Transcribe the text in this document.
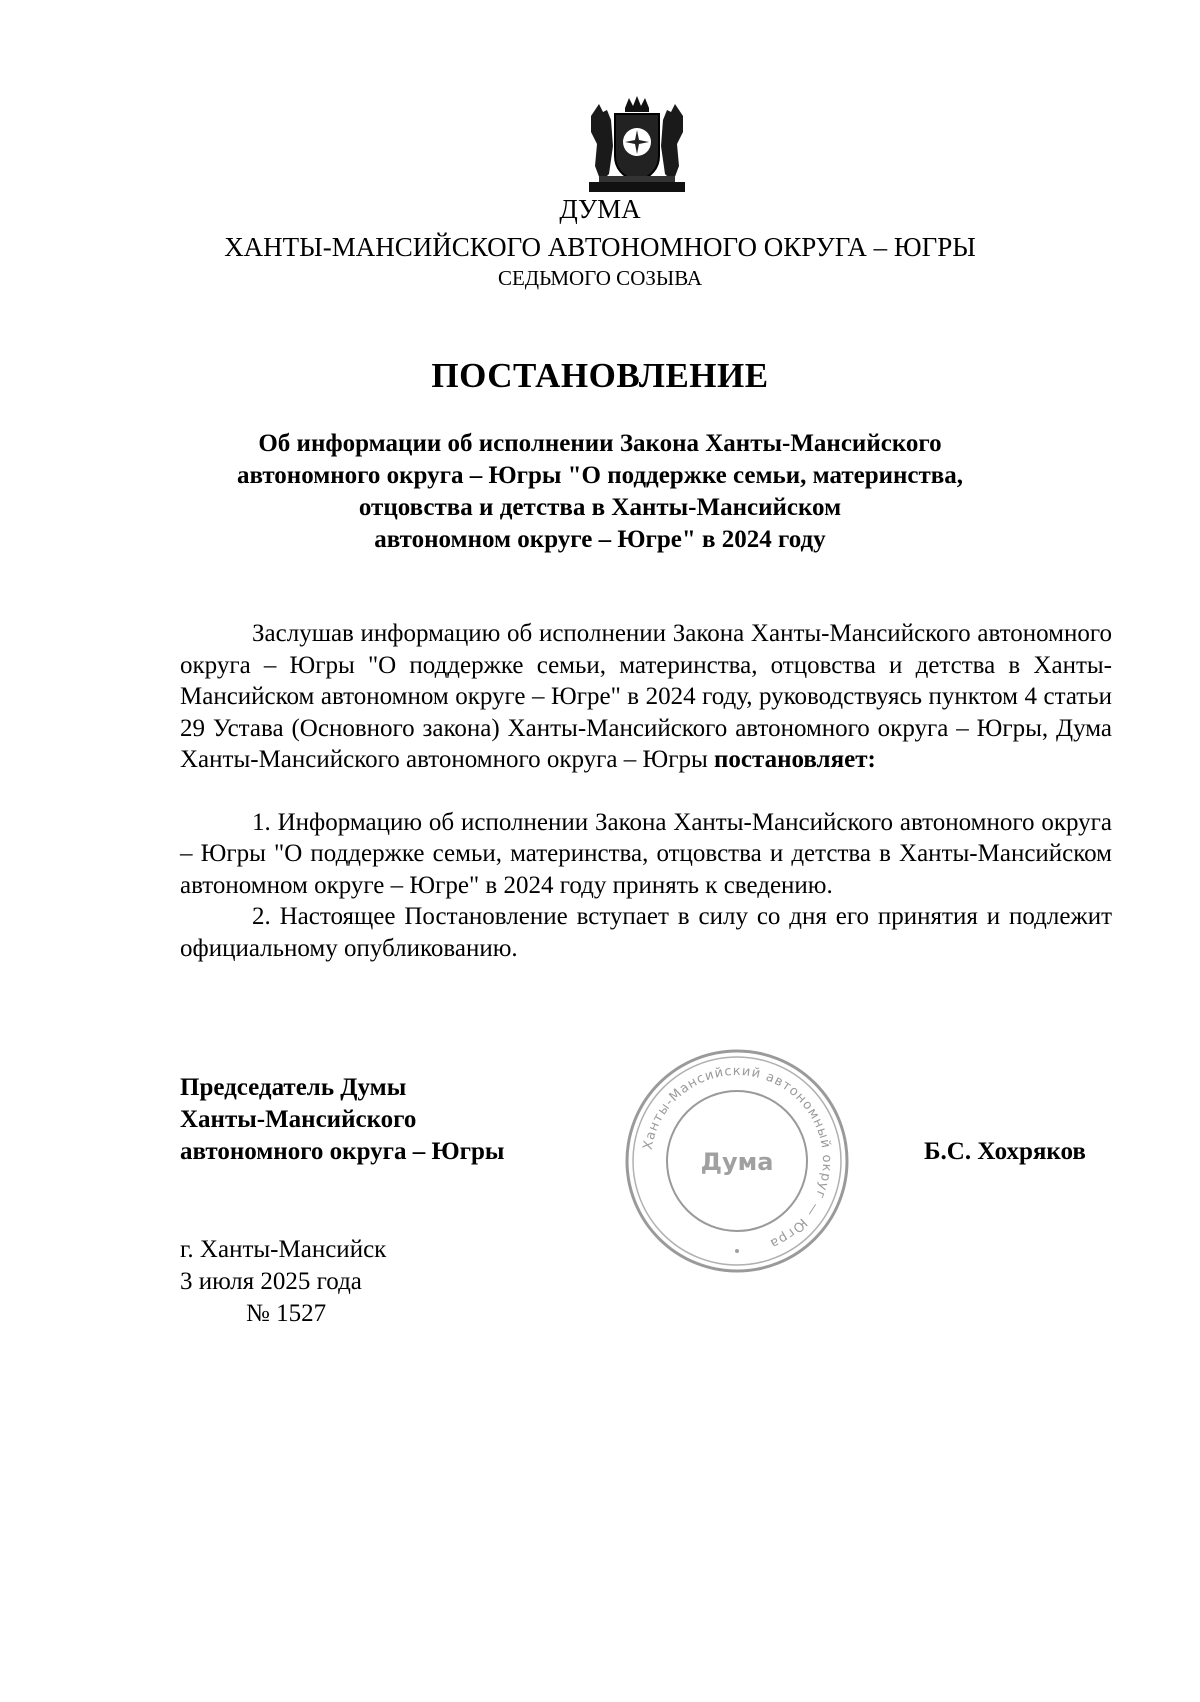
ДУМА
ХАНТЫ-МАНСИЙСКОГО АВТОНОМНОГО ОКРУГА – ЮГРЫ
СЕДЬМОГО СОЗЫВА
ПОСТАНОВЛЕНИЕ
Об информации об исполнении Закона Ханты-Мансийского
автономного округа – Югры "О поддержке семьи, материнства,
отцовства и детства в Ханты-Мансийском
автономном округе – Югре" в 2024 году

Заслушав информацию об исполнении Закона Ханты-Мансийского автономного округа – Югры "О поддержке семьи, материнства, отцовства и детства в Ханты-Мансийском автономном округе – Югре" в 2024 году, руководствуясь пунктом 4 статьи 29 Устава (Основного закона) Ханты-Мансийского автономного округа – Югры, Дума Ханты-Мансийского автономного округа – Югры постановляет:

1. Информацию об исполнении Закона Ханты-Мансийского автономного округа – Югры "О поддержке семьи, материнства, отцовства и детства в Ханты-Мансийском автономном округе – Югре" в 2024 году принять к сведению.

2. Настоящее Постановление вступает в силу со дня его принятия и подлежит официальному опубликованию.

Председатель Думы
Ханты-Мансийского
автономного округа – Югры	Б.С. Хохряков
Ханты-Мансийский автономный округ — Югра
Дума
г. Ханты-Мансийск
3 июля 2025 года
№ 1527
